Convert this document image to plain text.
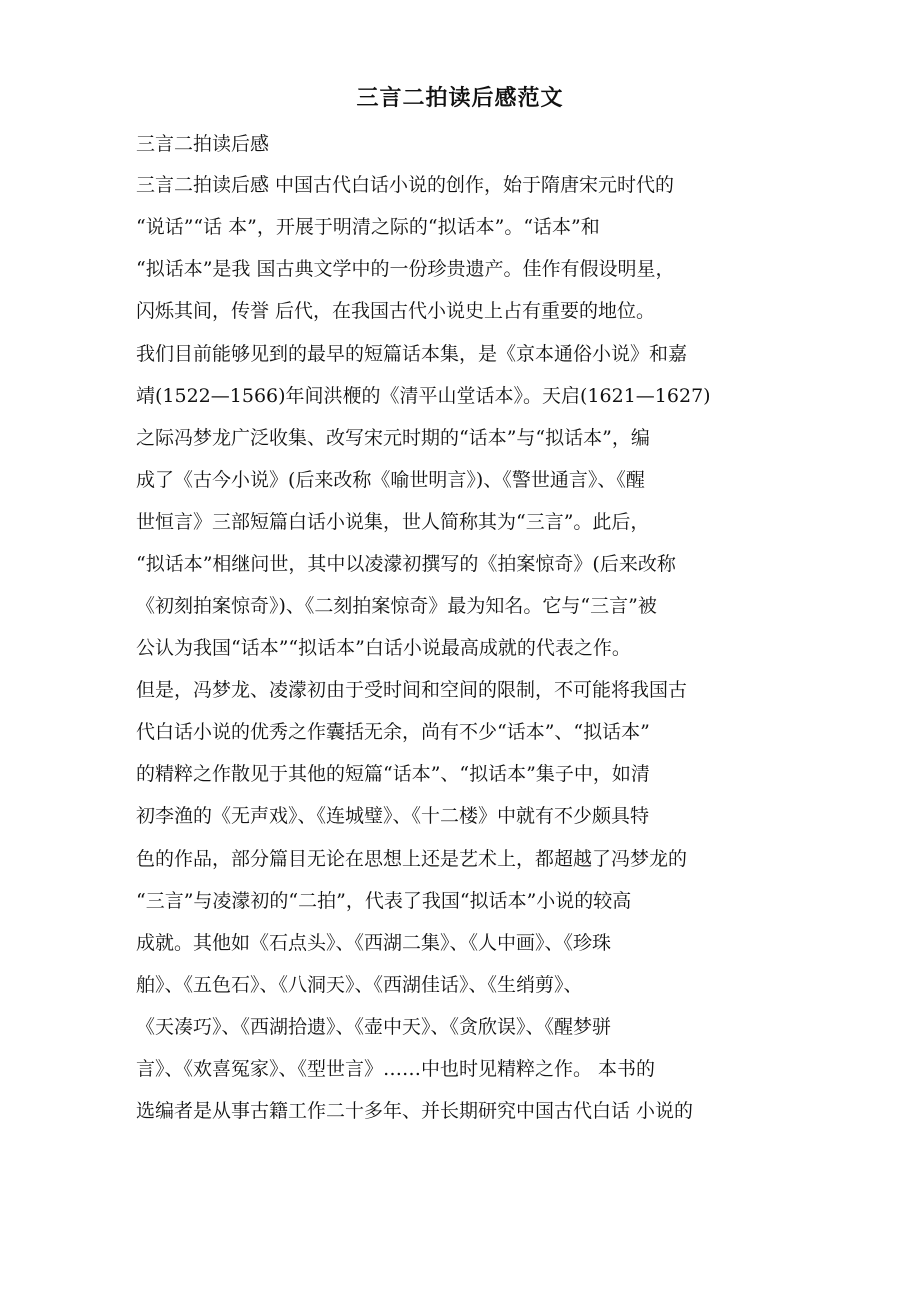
三言二拍读后感范文

三言二拍读后感

三言二拍读后感 中国古代白话小说的创作，始于隋唐宋元时代的

“说话”“话 本”，开展于明清之际的“拟话本”。“话本”和

“拟话本”是我 国古典文学中的一份珍贵遗产。佳作有假设明星，

闪烁其间，传誉 后代，在我国古代小说史上占有重要的地位。

我们目前能够见到的最早的短篇话本集，是《京本通俗小说》和嘉

靖(1522—1566)年间洪楩的《清平山堂话本》。天启(1621—1627)

之际冯梦龙广泛收集、改写宋元时期的“话本”与“拟话本”，编

成了《古今小说》(后来改称《喻世明言》)、《警世通言》、《醒

世恒言》三部短篇白话小说集，世人简称其为“三言”。此后，

“拟话本”相继问世，其中以凌濛初撰写的《拍案惊奇》(后来改称

《初刻拍案惊奇》)、《二刻拍案惊奇》最为知名。它与“三言”被

公认为我国“话本”“拟话本”白话小说最高成就的代表之作。

但是，冯梦龙、凌濛初由于受时间和空间的限制，不可能将我国古

代白话小说的优秀之作囊括无余，尚有不少“话本”、“拟话本”

的精粹之作散见于其他的短篇“话本”、“拟话本”集子中，如清

初李渔的《无声戏》、《连城璧》、《十二楼》中就有不少颇具特

色的作品，部分篇目无论在思想上还是艺术上，都超越了冯梦龙的

“三言”与凌濛初的“二拍”，代表了我国“拟话本”小说的较高

成就。其他如《石点头》、《西湖二集》、《人中画》、《珍珠

舶》、《五色石》、《八洞天》、《西湖佳话》、《生绡剪》、

《天凑巧》、《西湖拾遗》、《壶中天》、《贪欣误》、《醒梦骈

言》、《欢喜冤家》、《型世言》……中也时见精粹之作。 本书的

选编者是从事古籍工作二十多年、并长期研究中国古代白话 小说的
